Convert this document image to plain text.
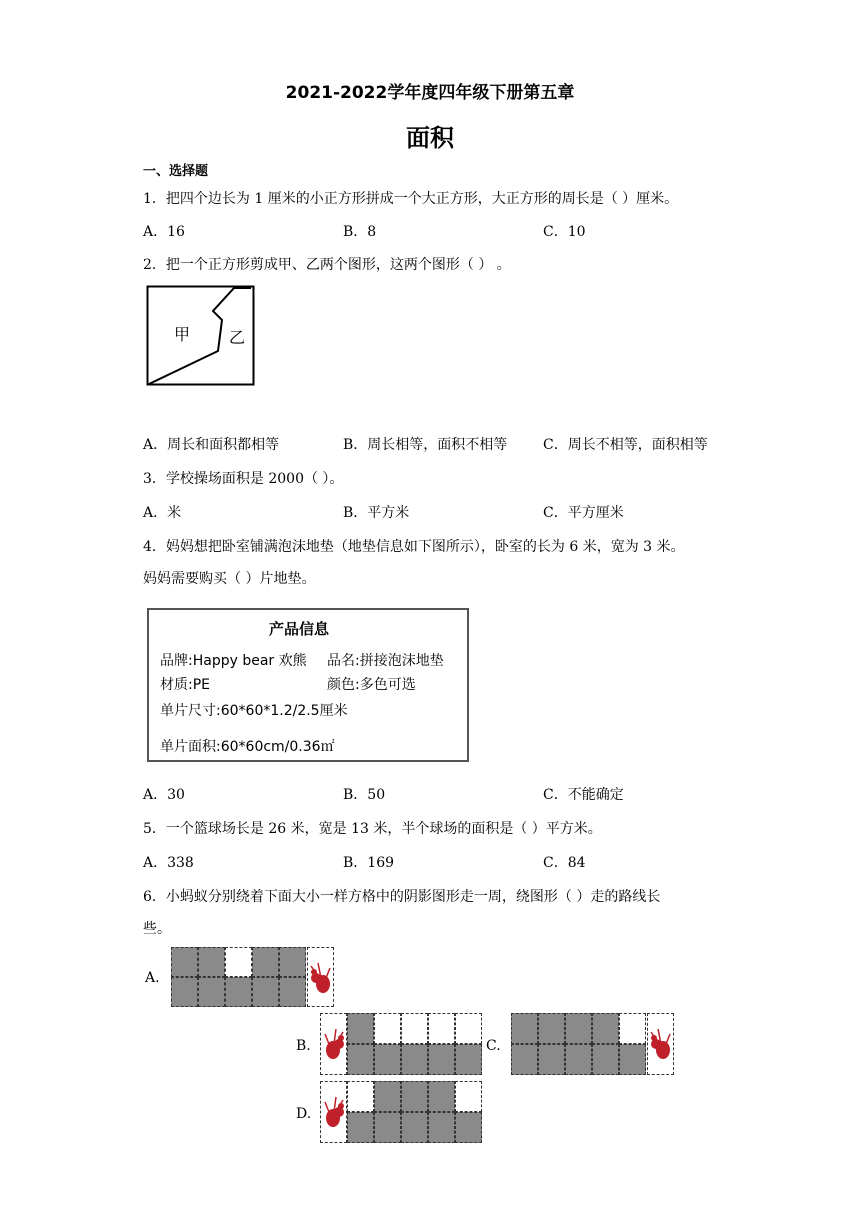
2021-2022学年度四年级下册第五章
面积
一、选择题
1．把四个边长为 1 厘米的小正方形拼成一个大正方形，大正方形的周长是（ ）厘米。
A．16	B．8	C．10
2．把一个正方形剪成甲、乙两个图形，这两个图形（ ） 。
甲 乙
A．周长和面积都相等	B．周长相等，面积不相等	C．周长不相等，面积相等
3．学校操场面积是 2000（ ）。
A．米	B．平方米	C．平方厘米
4．妈妈想把卧室铺满泡沫地垫（地垫信息如下图所示），卧室的长为 6 米，宽为 3 米。
妈妈需要购买（ ）片地垫。
产品信息
品牌:Happy bear 欢熊 品名:拼接泡沫地垫
材质:PE	颜色:多色可选
单片尺寸:60*60*1.2/2.5厘米
单片面积:60*60cm/0.36㎡
A．30	B．50	C．不能确定
5．一个篮球场长是 26 米，宽是 13 米，半个球场的面积是（ ）平方米。
A．338	B．169	C．84
6．小蚂蚁分别绕着下面大小一样方格中的阴影图形走一周，绕图形（ ）走的路线长
些。
A.
B.	C.
D.
